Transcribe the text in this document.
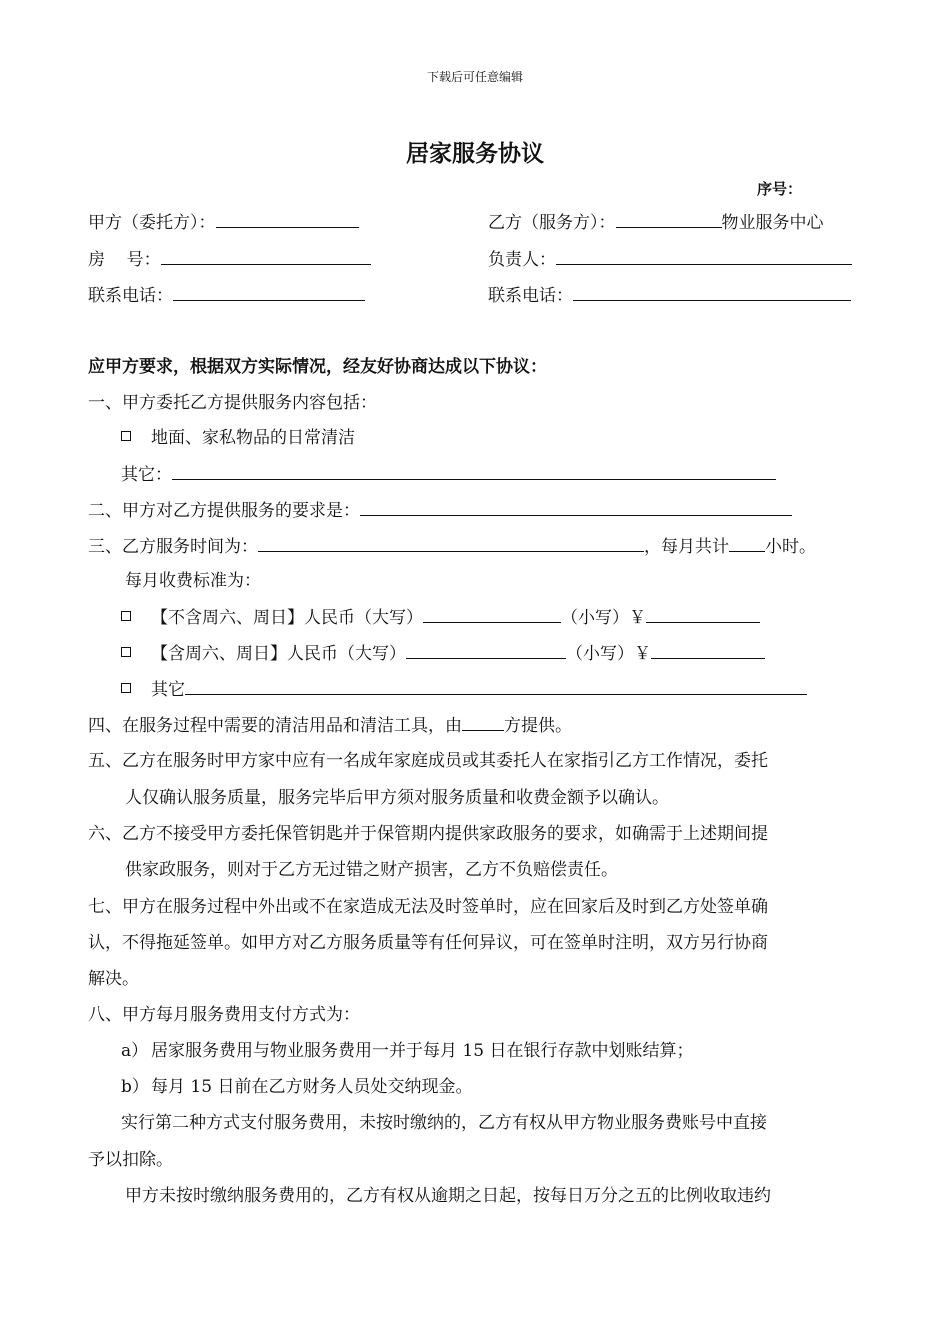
下载后可任意编辑
居家服务协议
序号：
甲方（委托方）：	乙方（服务方）：	物业服务中心
房    号：	负责人：
联系电话：	联系电话：
应甲方要求，根据双方实际情况，经友好协商达成以下协议：
一、甲方委托乙方提供服务内容包括：
地面、家私物品的日常清洁
其它：
二、甲方对乙方提供服务的要求是：
三、乙方服务时间为：	，每月共计 小时。
每月收费标准为：
【不含周六、周日】人民币（大写）	（小写）￥
【含周六、周日】人民币（大写）	（小写）￥
其它
四、在服务过程中需要的清洁用品和清洁工具，由 方提供。
五、乙方在服务时甲方家中应有一名成年家庭成员或其委托人在家指引乙方工作情况，委托
人仅确认服务质量，服务完毕后甲方须对服务质量和收费金额予以确认。
六、乙方不接受甲方委托保管钥匙并于保管期内提供家政服务的要求，如确需于上述期间提
供家政服务，则对于乙方无过错之财产损害，乙方不负赔偿责任。
七、甲方在服务过程中外出或不在家造成无法及时签单时，应在回家后及时到乙方处签单确
认，不得拖延签单。如甲方对乙方服务质量等有任何异议，可在签单时注明，双方另行协商
解决。
八、甲方每月服务费用支付方式为：
a） 居家服务费用与物业服务费用一并于每月 15 日在银行存款中划账结算；
b） 每月 15 日前在乙方财务人员处交纳现金。
实行第二种方式支付服务费用，未按时缴纳的，乙方有权从甲方物业服务费账号中直接
予以扣除。
甲方未按时缴纳服务费用的，乙方有权从逾期之日起，按每日万分之五的比例收取违约
